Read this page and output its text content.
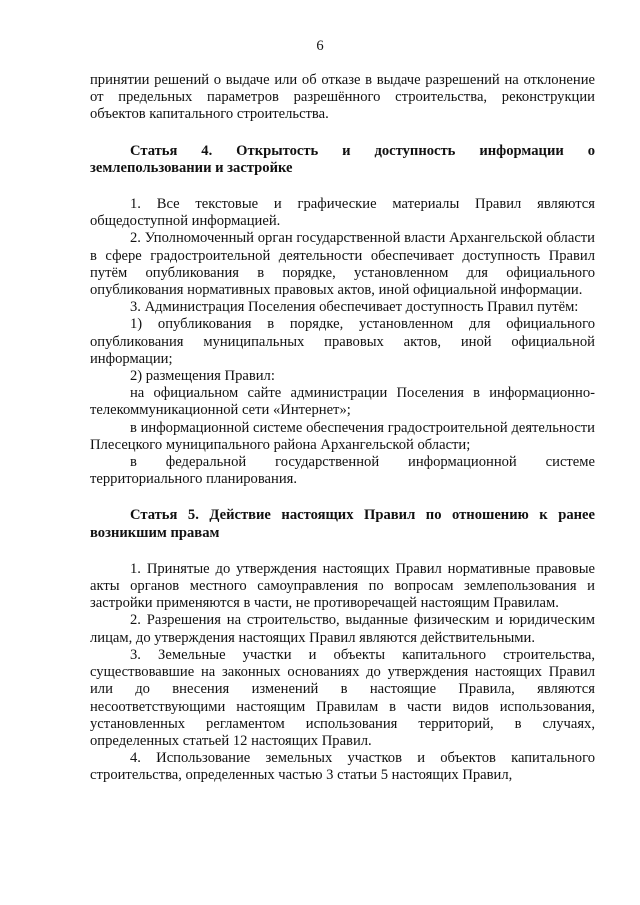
6

принятии решений о выдаче или об отказе в выдаче разрешений на отклонение от предельных параметров разрешённого строительства, реконструкции объектов капитального строительства.

Статья 4. Открытость и доступность информации о землепользовании и застройке

1. Все текстовые и графические материалы Правил являются общедоступной информацией.

2. Уполномоченный орган государственной власти Архангельской области в сфере градостроительной деятельности обеспечивает доступность Правил путём опубликования в порядке, установленном для официального опубликования нормативных правовых актов, иной официальной информации.

3. Администрация Поселения обеспечивает доступность Правил путём:

1) опубликования в порядке, установленном для официального опубликования муниципальных правовых актов, иной официальной информации;

2) размещения Правил:

на официальном сайте администрации Поселения в информационно-телекоммуникационной сети «Интернет»;

в информационной системе обеспечения градостроительной деятельности Плесецкого муниципального района Архангельской области;

в федеральной государственной информационной системе территориального планирования.

Статья 5. Действие настоящих Правил по отношению к ранее возникшим правам

1. Принятые до утверждения настоящих Правил нормативные правовые акты органов местного самоуправления по вопросам землепользования и застройки применяются в части, не противоречащей настоящим Правилам.

2. Разрешения на строительство, выданные физическим и юридическим лицам, до утверждения настоящих Правил являются действительными.

3. Земельные участки и объекты капитального строительства, существовавшие на законных основаниях до утверждения настоящих Правил или до внесения изменений в настоящие Правила, являются несоответствующими настоящим Правилам в части видов использования, установленных регламентом использования территорий, в случаях, определенных статьей 12 настоящих Правил.

4. Использование земельных участков и объектов капитального строительства, определенных частью 3 статьи 5 настоящих Правил,
